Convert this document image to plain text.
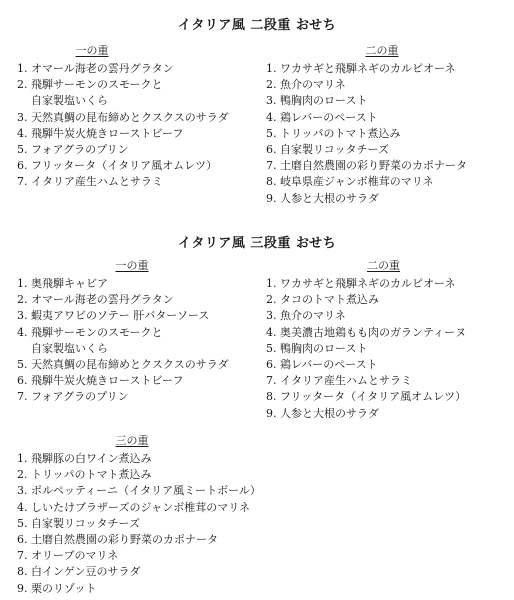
イタリア風 二段重 おせち
一の重
1. オマール海老の雲丹グラタン
2. 飛騨サーモンのスモークと
自家製塩いくら
3. 天然真鯛の昆布締めとクスクスのサラダ
4. 飛騨牛炭火焼きローストビーフ
5. フォアグラのプリン
6. フリッタータ（イタリア風オムレツ）
7. イタリア産生ハムとサラミ
二の重
1. ワカサギと飛騨ネギのカルピオーネ
2. 魚介のマリネ
3. 鴨胸肉のロースト
4. 鶏レバーのペースト
5. トリッパのトマト煮込み
6. 自家製リコッタチーズ
7. 土磨自然農園の彩り野菜のカポナータ
8. 岐阜県産ジャンボ椎茸のマリネ
9. 人参と大根のサラダ
イタリア風 三段重 おせち
一の重
1. 奥飛騨キャビア
2. オマール海老の雲丹グラタン
3. 蝦夷アワビのソテー 肝バターソース
4. 飛騨サーモンのスモークと
自家製塩いくら
5. 天然真鯛の昆布締めとクスクスのサラダ
6. 飛騨牛炭火焼きローストビーフ
7. フォアグラのプリン
二の重
1. ワカサギと飛騨ネギのカルピオーネ
2. タコのトマト煮込み
3. 魚介のマリネ
4. 奥美濃古地鶏もも肉のガランティーヌ
5. 鴨胸肉のロースト
6. 鶏レバーのペースト
7. イタリア産生ハムとサラミ
8. フリッタータ（イタリア風オムレツ）
9. 人参と大根のサラダ
三の重
1. 飛騨豚の白ワイン煮込み
2. トリッパのトマト煮込み
3. ポルペッティーニ（イタリア風ミートボール）
4. しいたけブラザーズのジャンボ椎茸のマリネ
5. 自家製リコッタチーズ
6. 土磨自然農園の彩り野菜のカポナータ
7. オリーブのマリネ
8. 白インゲン豆のサラダ
9. 栗のリゾット
